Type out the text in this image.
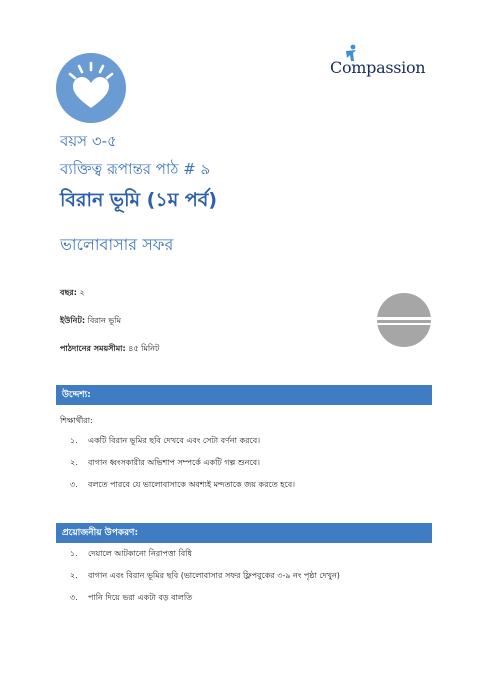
Compassion
বয়স ৩-৫
ব্যক্তিত্ব রূপান্তর পাঠ # ৯
বিরান ভূমি (১ম পর্ব)
ভালোবাসার সফর
বছর: ২
ইউনিট: বিরান ভূমি
পাঠদানের সময়সীমা: ৪৫ মিনিট
উদ্দেশ্য:
শিক্ষার্থীরা:
১.	একটি বিরান ভূমির ছবি দেখবে এবং সেটা বর্ণনা করবে।
২.	বাগান ধ্বংসকারীর অভিশাপ সম্পর্কে একটি গল্প শুনবে।
৩.	বলতে পারবে যে ভালোবাসাকে অবশ্যই মন্দতাকে জয় করতে হবে।
প্রয়োজনীয় উপকরণ:
১.	দেয়ালে আটকানো নিরাপত্তা বিধি
২.	বাগান এবং বিরান ভূমির ছবি (ভালোবাসার সফর ফ্লিপবুকের ৩-৯ নং পৃষ্ঠা দেখুন)
৩.	পানি দিয়ে ভরা একটা বড় বালতি
